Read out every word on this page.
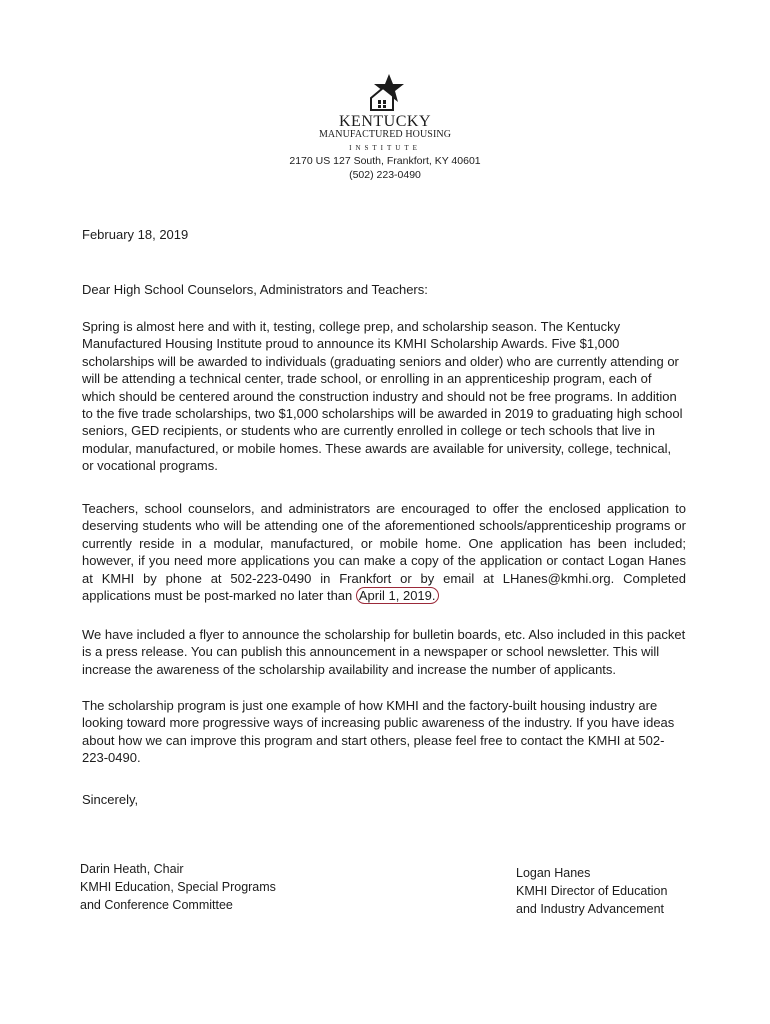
KENTUCKY
MANUFACTURED HOUSING
INSTITUTE
2170 US 127 South, Frankfort, KY 40601
(502) 223-0490
February 18, 2019
Dear High School Counselors, Administrators and Teachers:
Spring is almost here and with it, testing, college prep, and scholarship season. The Kentucky Manufactured Housing Institute proud to announce its KMHI Scholarship Awards. Five $1,000 scholarships will be awarded to individuals (graduating seniors and older) who are currently attending or will be attending a technical center, trade school, or enrolling in an apprenticeship program, each of which should be centered around the construction industry and should not be free programs. In addition to the five trade scholarships, two $1,000 scholarships will be awarded in 2019 to graduating high school seniors, GED recipients, or students who are currently enrolled in college or tech schools that live in modular, manufactured, or mobile homes. These awards are available for university, college, technical, or vocational programs.
Teachers, school counselors, and administrators are encouraged to offer the enclosed application to deserving students who will be attending one of the aforementioned schools/apprenticeship programs or currently reside in a modular, manufactured, or mobile home. One application has been included; however, if you need more applications you can make a copy of the application or contact Logan Hanes at KMHI by phone at 502-223-0490 in Frankfort or by email at LHanes@kmhi.org. Completed applications must be post-marked no later than April 1, 2019.
We have included a flyer to announce the scholarship for bulletin boards, etc. Also included in this packet is a press release. You can publish this announcement in a newspaper or school newsletter. This will increase the awareness of the scholarship availability and increase the number of applicants.
The scholarship program is just one example of how KMHI and the factory-built housing industry are looking toward more progressive ways of increasing public awareness of the industry. If you have ideas about how we can improve this program and start others, please feel free to contact the KMHI at 502-223-0490.
Sincerely,
Darin Heath, Chair
KMHI Education, Special Programs
and Conference Committee
Logan Hanes
KMHI Director of Education
and Industry Advancement
